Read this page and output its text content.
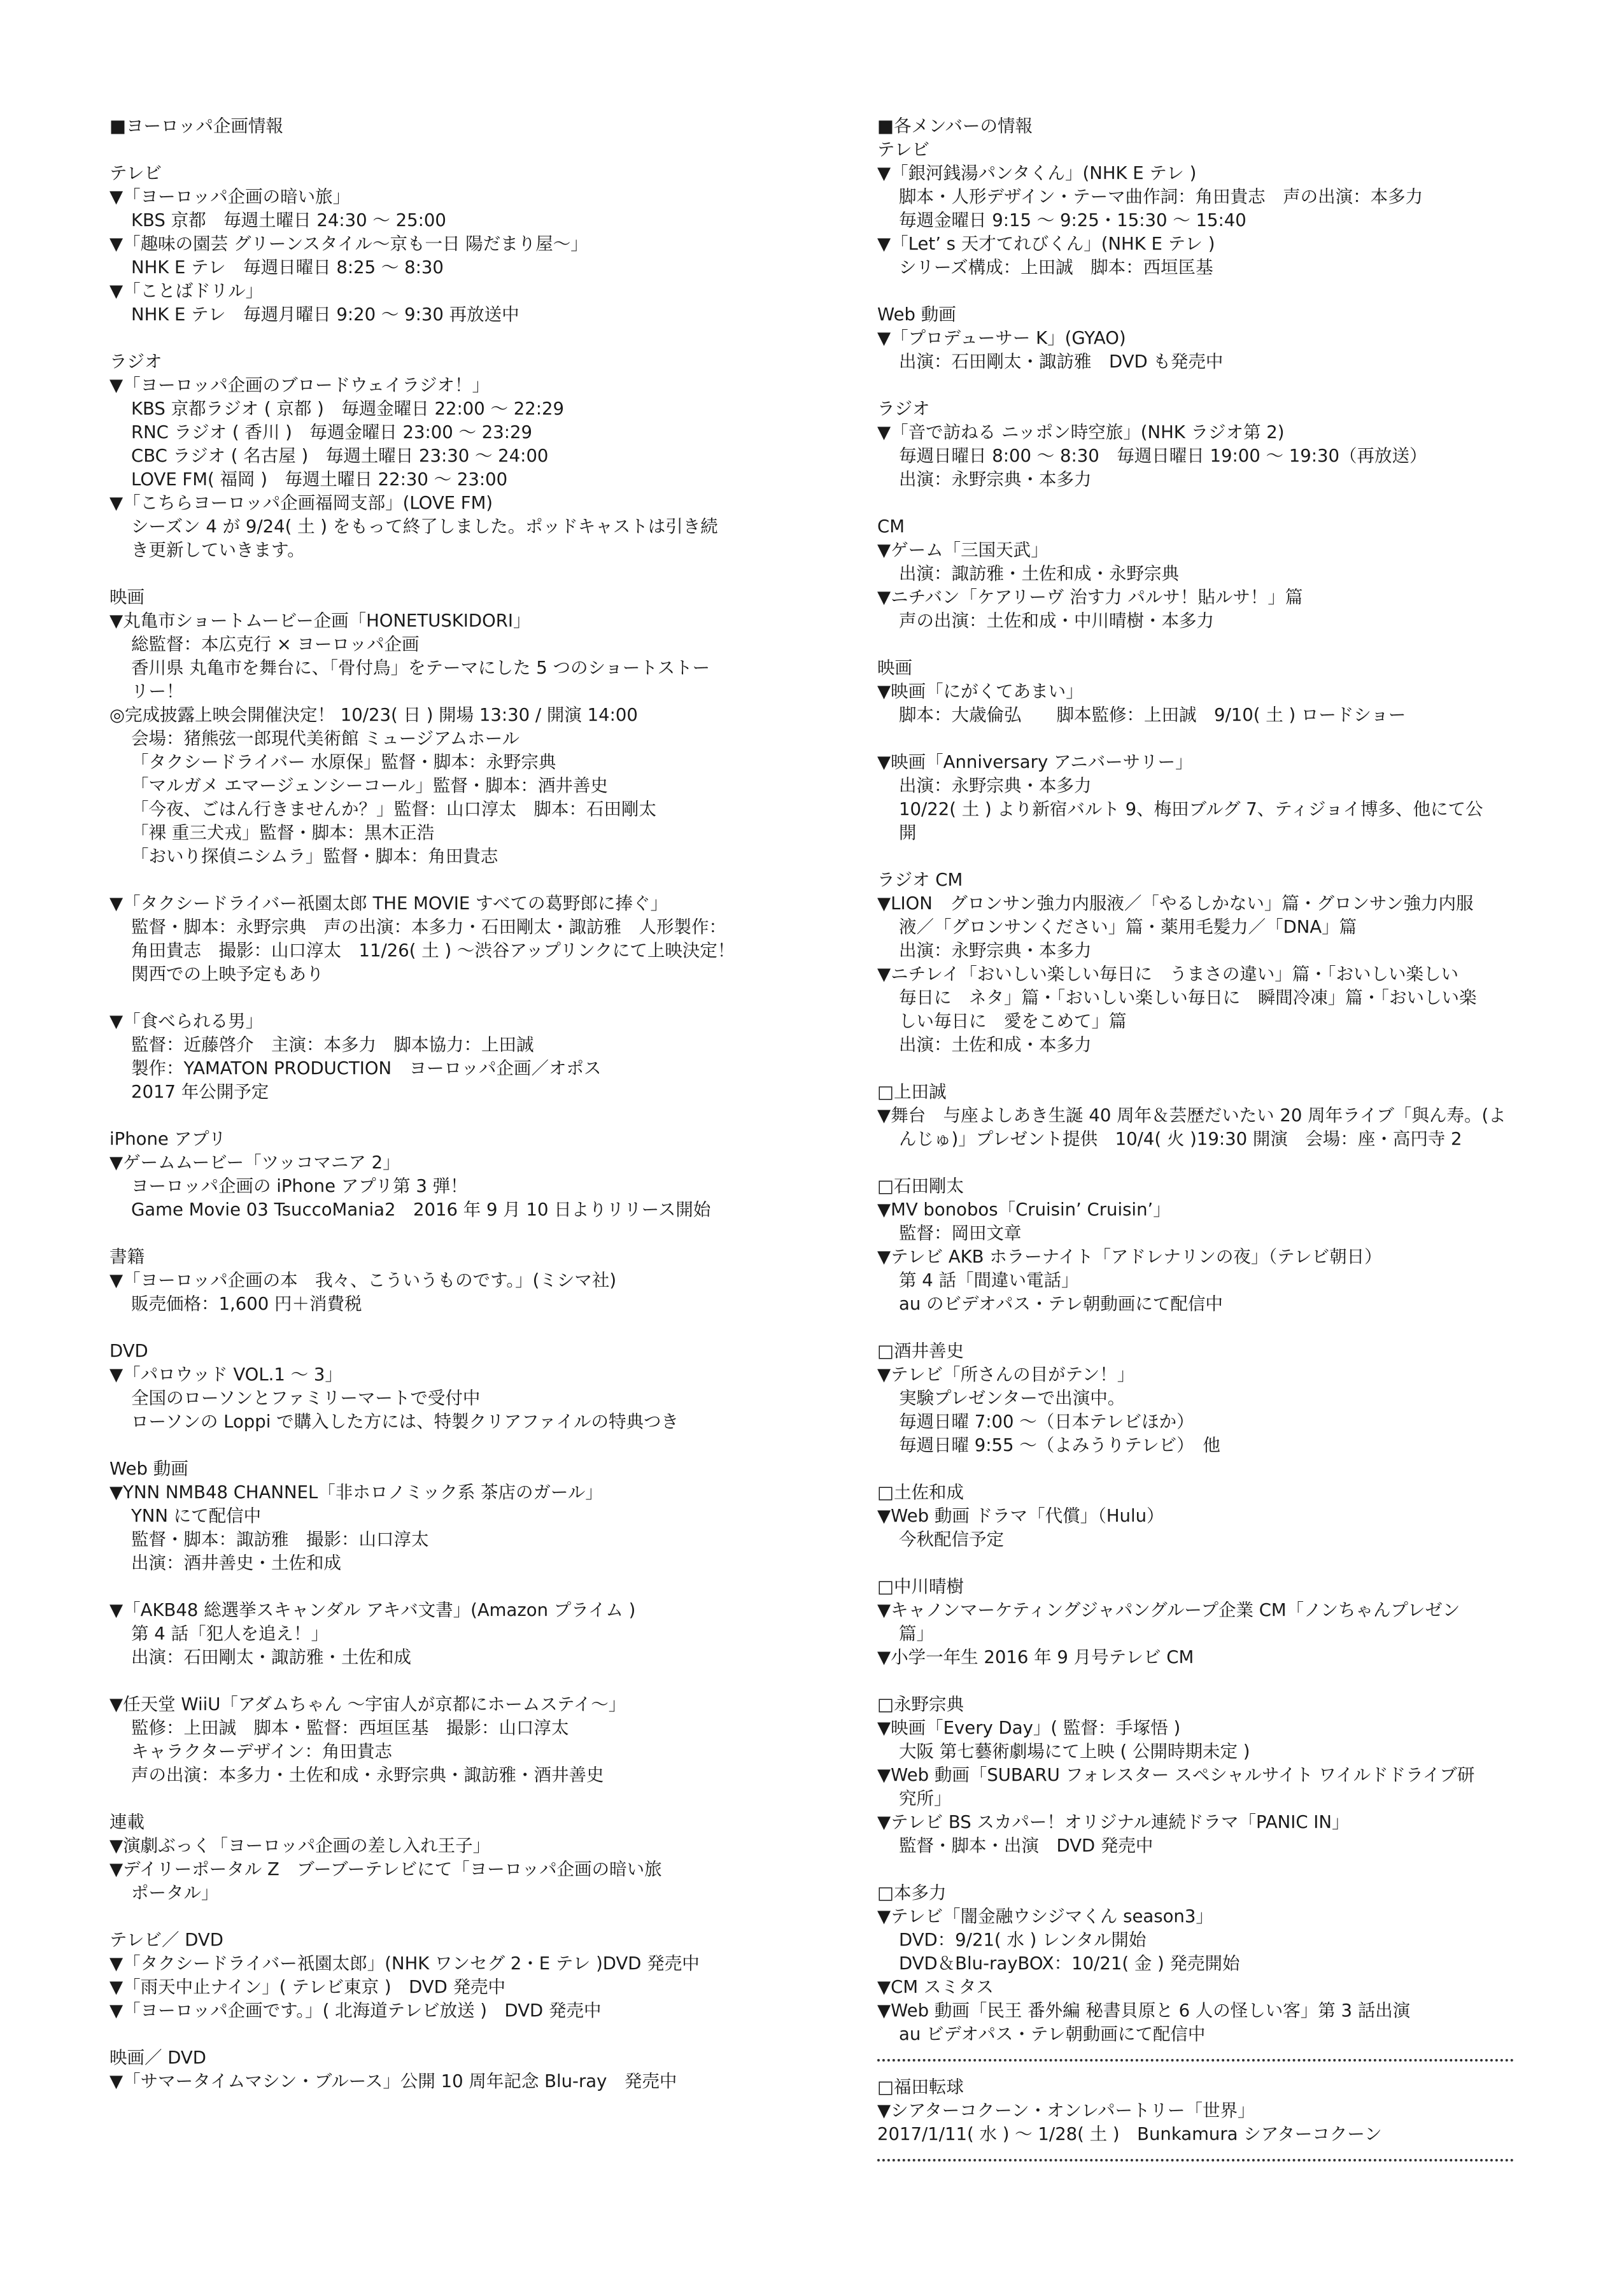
■ヨーロッパ企画情報
テレビ
▼「ヨーロッパ企画の暗い旅」
KBS 京都　毎週土曜日 24:30 ～ 25:00
▼「趣味の園芸 グリーンスタイル～京も一日 陽だまり屋～」
NHK E テレ　毎週日曜日 8:25 ～ 8:30
▼「ことばドリル」
NHK E テレ　毎週月曜日 9:20 ～ 9:30 再放送中
ラジオ
▼「ヨーロッパ企画のブロードウェイラジオ！」
KBS 京都ラジオ ( 京都 )　毎週金曜日 22:00 ～ 22:29
RNC ラジオ ( 香川 )　毎週金曜日 23:00 ～ 23:29
CBC ラジオ ( 名古屋 )　毎週土曜日 23:30 ～ 24:00
LOVE FM( 福岡 )　毎週土曜日 22:30 ～ 23:00
▼「こちらヨーロッパ企画福岡支部」(LOVE FM)
シーズン 4 が 9/24( 土 ) をもって終了しました。ポッドキャストは引き続
き更新していきます。
映画
▼丸亀市ショートムービー企画「HONETUSKIDORI」
総監督：本広克行 × ヨーロッパ企画
香川県 丸亀市を舞台に、「骨付鳥」をテーマにした 5 つのショートストー
リー！
◎完成披露上映会開催決定！ 10/23( 日 ) 開場 13:30 / 開演 14:00
会場：猪熊弦一郎現代美術館 ミュージアムホール
「タクシードライバー 水原保」監督・脚本：永野宗典
「マルガメ エマージェンシーコール」監督・脚本：酒井善史
「今夜、ごはん行きませんか？」監督：山口淳太　脚本：石田剛太
「裸 重三犬戎」監督・脚本：黒木正浩
「おいり探偵ニシムラ」監督・脚本：角田貴志
▼「タクシードライバー祇園太郎 THE MOVIE すべての葛野郎に捧ぐ」
監督・脚本：永野宗典　声の出演：本多力・石田剛太・諏訪雅　人形製作：
角田貴志　撮影：山口淳太　11/26( 土 ) ～渋谷アップリンクにて上映決定！
関西での上映予定もあり
▼「食べられる男」
監督：近藤啓介　主演：本多力　脚本協力：上田誠
製作：YAMATON PRODUCTION　ヨーロッパ企画／オポス
2017 年公開予定
iPhone アプリ
▼ゲームムービー「ツッコマニア 2」
ヨーロッパ企画の iPhone アプリ第 3 弾！
Game Movie 03 TsuccoMania2　2016 年 9 月 10 日よりリリース開始
書籍
▼「ヨーロッパ企画の本　我々、こういうものです。」(ミシマ社)
販売価格：1,600 円＋消費税
DVD
▼「パロウッド VOL.1 ～ 3」
全国のローソンとファミリーマートで受付中
ローソンの Loppi で購入した方には、特製クリアファイルの特典つき
Web 動画
▼YNN NMB48 CHANNEL「非ホロノミック系 茶店のガール」
YNN にて配信中
監督・脚本：諏訪雅　撮影：山口淳太
出演：酒井善史・土佐和成
▼「AKB48 総選挙スキャンダル アキバ文書」(Amazon プライム )
第 4 話「犯人を追え！」
出演：石田剛太・諏訪雅・土佐和成
▼任天堂 WiiU「アダムちゃん ～宇宙人が京都にホームステイ～」
監修：上田誠　脚本・監督：西垣匡基　撮影：山口淳太
キャラクターデザイン：角田貴志
声の出演：本多力・土佐和成・永野宗典・諏訪雅・酒井善史
連載
▼演劇ぶっく「ヨーロッパ企画の差し入れ王子」
▼デイリーポータル Z　ブーブーテレビにて「ヨーロッパ企画の暗い旅
ポータル」
テレビ／ DVD
▼「タクシードライバー祇園太郎」(NHK ワンセグ 2・E テレ )DVD 発売中
▼「雨天中止ナイン」( テレビ東京 )　DVD 発売中
▼「ヨーロッパ企画です。」( 北海道テレビ放送 )　DVD 発売中
映画／ DVD
▼「サマータイムマシン・ブルース」公開 10 周年記念 Blu-ray　発売中
■各メンバーの情報
テレビ
▼「銀河銭湯パンタくん」(NHK E テレ )
脚本・人形デザイン・テーマ曲作詞：角田貴志　声の出演：本多力
毎週金曜日 9:15 ～ 9:25・15:30 ～ 15:40
▼「Let’ s 天才てれびくん」(NHK E テレ )
シリーズ構成：上田誠　脚本：西垣匡基
Web 動画
▼「プロデューサー K」(GYAO)
出演：石田剛太・諏訪雅　DVD も発売中
ラジオ
▼「音で訪ねる ニッポン時空旅」(NHK ラジオ第 2)
毎週日曜日 8:00 ～ 8:30　毎週日曜日 19:00 ～ 19:30（再放送）
出演：永野宗典・本多力
CM
▼ゲーム「三国天武」
出演：諏訪雅・土佐和成・永野宗典
▼ニチバン「ケアリーヴ 治す力 パルサ！貼ルサ！」篇
声の出演：土佐和成・中川晴樹・本多力
映画
▼映画「にがくてあまい」
脚本：大歳倫弘　　脚本監修：上田誠　9/10( 土 ) ロードショー
▼映画「Anniversary アニバーサリー」
出演：永野宗典・本多力
10/22( 土 ) より新宿バルト 9、梅田ブルグ 7、ティジョイ博多、他にて公
開
ラジオ CM
▼LION　グロンサン強力内服液／「やるしかない」篇・グロンサン強力内服
液／「グロンサンください」篇・薬用毛髪力／「DNA」篇
出演：永野宗典・本多力
▼ニチレイ「おいしい楽しい毎日に　うまさの違い」篇・「おいしい楽しい
毎日に　ネタ」篇・「おいしい楽しい毎日に　瞬間冷凍」篇・「おいしい楽
しい毎日に　愛をこめて」篇
出演：土佐和成・本多力
□上田誠
▼舞台　与座よしあき生誕 40 周年＆芸歴だいたい 20 周年ライブ「與ん寿。(よ
んじゅ)」プレゼント提供　10/4( 火 )19:30 開演　会場：座・高円寺 2
□石田剛太
▼MV bonobos「Cruisin’ Cruisin’」
監督：岡田文章
▼テレビ AKB ホラーナイト「アドレナリンの夜」（テレビ朝日）
第 4 話「間違い電話」
au のビデオパス・テレ朝動画にて配信中
□酒井善史
▼テレビ「所さんの目がテン！」
実験プレゼンターで出演中。
毎週日曜 7:00 ～（日本テレビほか）
毎週日曜 9:55 ～（よみうりテレビ）　他
□土佐和成
▼Web 動画 ドラマ「代償」（Hulu）
今秋配信予定
□中川晴樹
▼キャノンマーケティングジャパングループ企業 CM「ノンちゃんプレゼン
篇」
▼小学一年生 2016 年 9 月号テレビ CM
□永野宗典
▼映画「Every Day」( 監督：手塚悟 )
大阪 第七藝術劇場にて上映 ( 公開時期未定 )
▼Web 動画「SUBARU フォレスター スペシャルサイト ワイルドドライブ研
究所」
▼テレビ BS スカパー！オリジナル連続ドラマ「PANIC IN」
監督・脚本・出演　DVD 発売中
□本多力
▼テレビ「闇金融ウシジマくん season3」
DVD：9/21( 水 ) レンタル開始
DVD＆Blu-rayBOX：10/21( 金 ) 発売開始
▼CM スミタス
▼Web 動画「民王 番外編 秘書貝原と 6 人の怪しい客」第 3 話出演
au ビデオパス・テレ朝動画にて配信中
□福田転球
▼シアターコクーン・オンレパートリー「世界」
2017/1/11( 水 ) ～ 1/28( 土 )　Bunkamura シアターコクーン
